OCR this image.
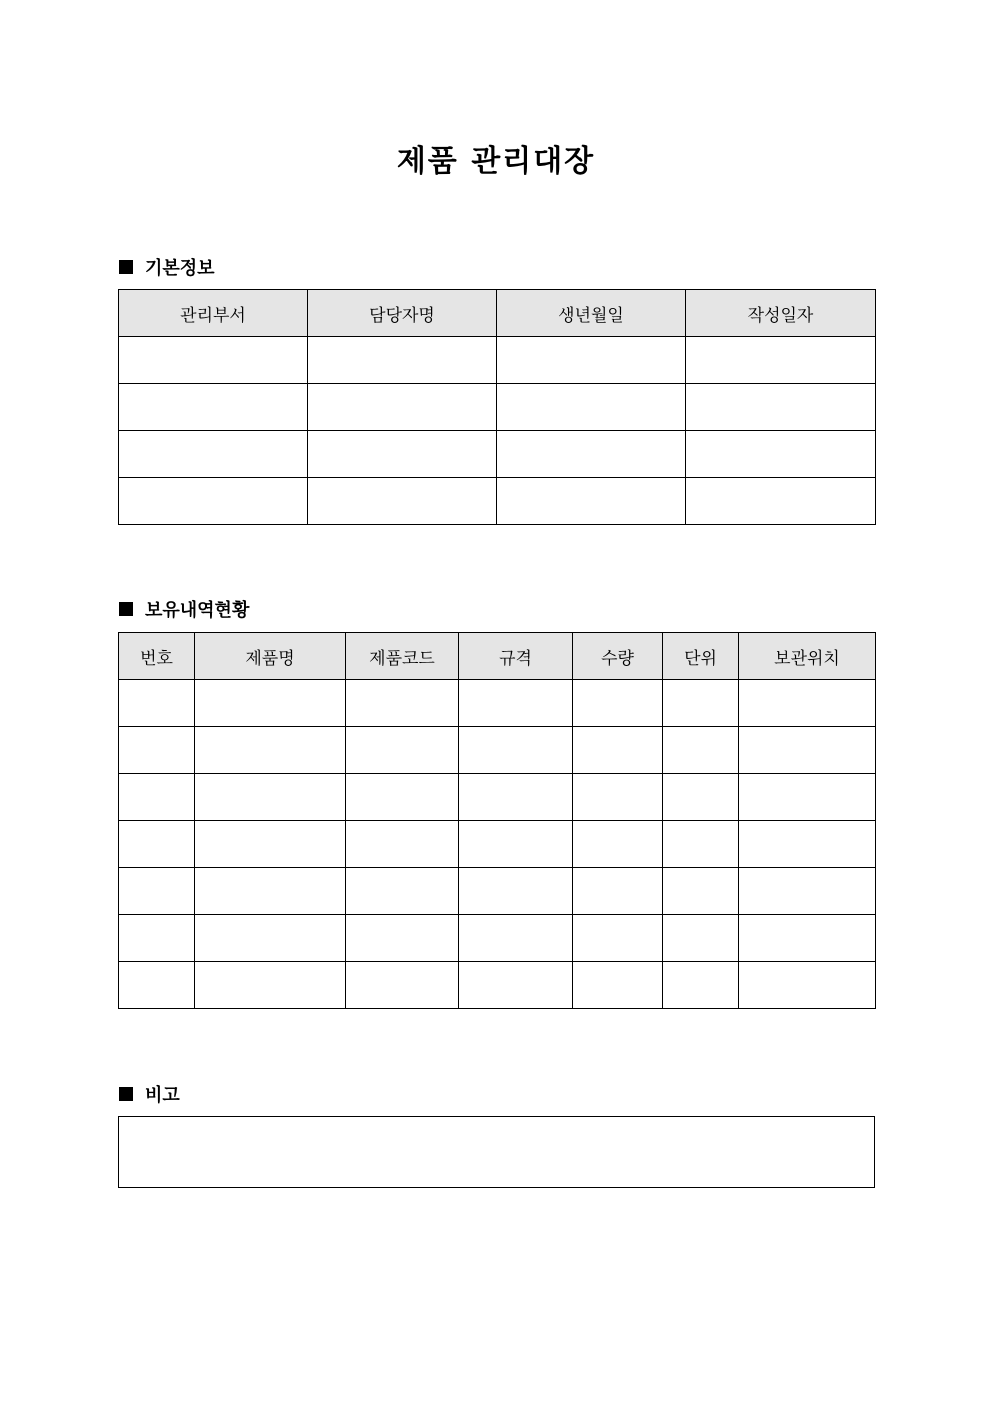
제품 관리대장
기본정보
관리부서	담당자명	생년월일	작성일자

보유내역현황
번호	제품명	제품코드	규격	수량	단위	보관위치

비고
